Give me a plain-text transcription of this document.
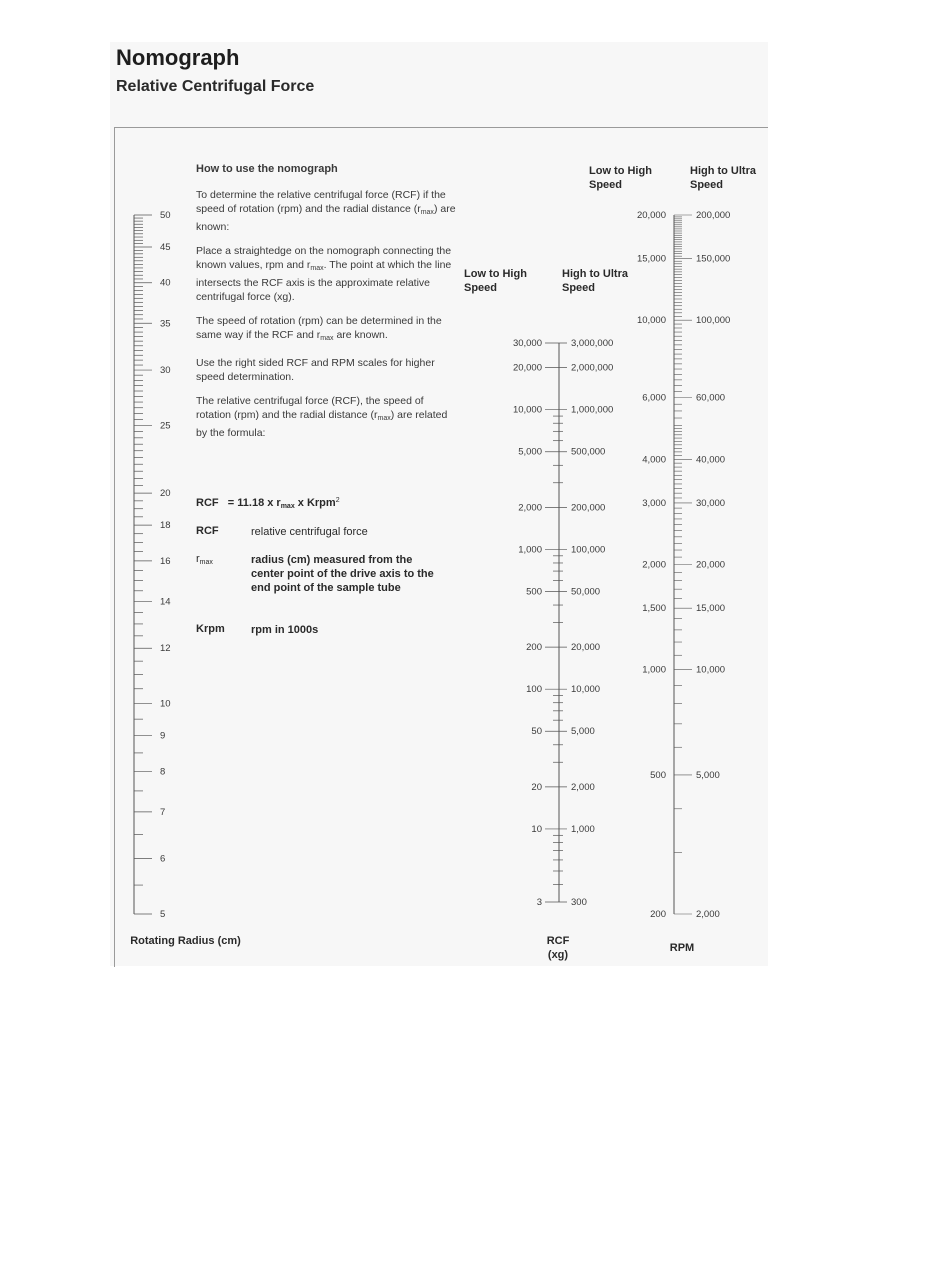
Nomograph
Relative Centrifugal Force
How to use the nomograph

To determine the relative centrifugal force (RCF) if the speed of rotation (rpm) and the radial distance $(r_{max})$ are known:

Place a straightedge on the nomograph connecting the known values, rpm and $r_{max}$. The point at which the line intersects the RCF axis is the approximate relative centrifugal force (xg).

The speed of rotation (rpm) can be determined in the same way if the RCF and $r_{max}$ are known.

Use the right sided RCF and RPM scales for higher speed determination.

The relative centrifugal force (RCF), the speed of rotation (rpm) and the radial distance $(r_{max})$ are related by the formula:

RCF = 11.18 x $r_{max}$ x Krpm$^2$
RCF	relative centrifugal force
$r_{max}$	radius (cm) measured from the center point of the drive axis to the end point of the sample tube
Krpm rpm in 1000s
Low to High Speed
High to Ultra Speed
Low to High Speed
High to Ultra Speed
Rotating Radius (cm)	RCF (xg)
RPM
50
45
40
35
30
25
20
18
16
14
12
10
9
8
7
6
5
30,000
20,000
10,000
5,000
2,000
1,000
500
200
100
50
20
10
3
3,000,000
2,000,000
1,000,000
500,000
200,000
100,000
50,000
20,000
10,000
5,000
2,000
1,000
300
20,000
15,000
10,000
6,000
4,000
3,000
2,000
1,500
1,000
500
200
200,000
150,000
100,000
60,000
40,000
30,000
20,000
15,000
10,000
5,000
2,000
